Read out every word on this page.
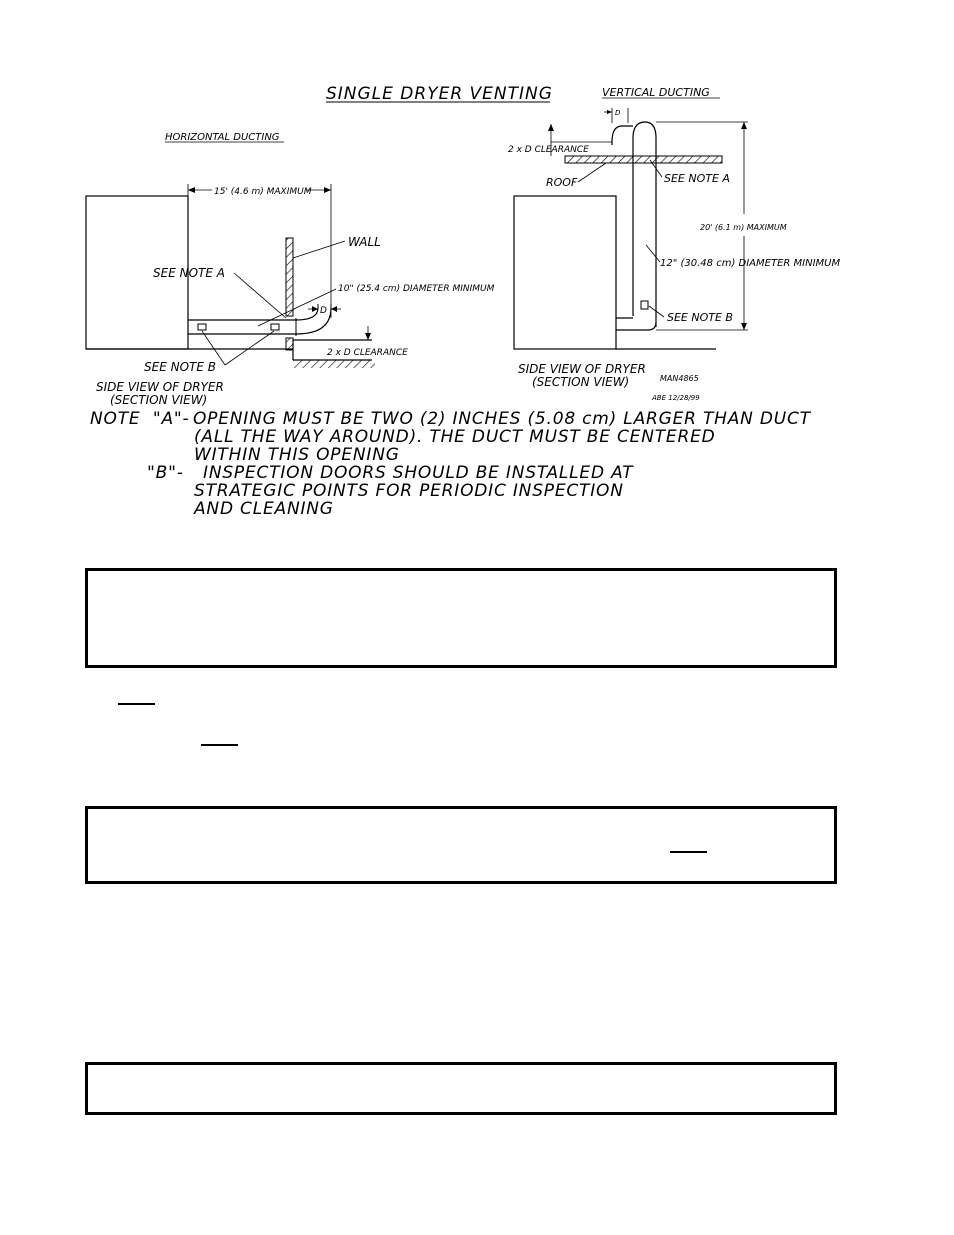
SINGLE DRYER VENTING
HORIZONTAL DUCTING
15' (4.6 m) MAXIMUM
WALL
SEE NOTE A
10" (25.4 cm) DIAMETER MINIMUM
D
2 x D CLEARANCE
SEE NOTE B
SIDE VIEW OF DRYER
(SECTION VIEW)
VERTICAL DUCTING
D
2 x D CLEARANCE
ROOF	SEE NOTE A
20' (6.1 m) MAXIMUM
12" (30.48 cm) DIAMETER MINIMUM
SEE NOTE B
SIDE VIEW OF DRYER
(SECTION VIEW)	MAN4865
ABE 12/28/99
NOTE "A"- OPENING MUST BE TWO (2) INCHES (5.08 cm) LARGER THAN DUCT
(ALL THE WAY AROUND). THE DUCT MUST BE CENTERED
WITHIN THIS OPENING
"B"-	INSPECTION DOORS SHOULD BE INSTALLED AT
STRATEGIC POINTS FOR PERIODIC INSPECTION
AND CLEANING
